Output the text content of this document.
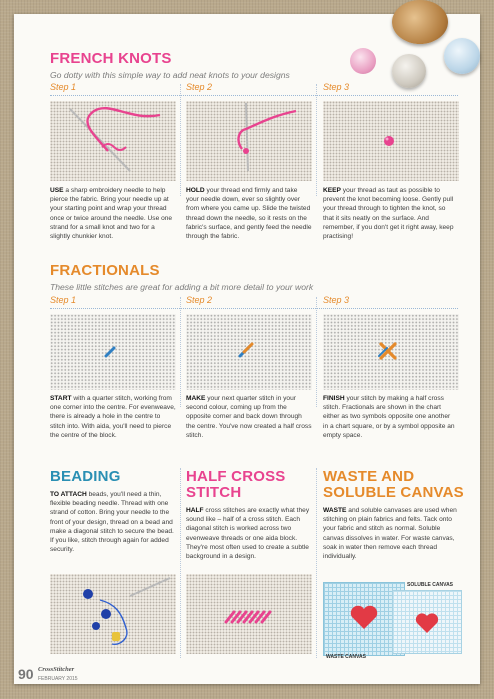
FRENCH KNOTS
Go dotty with this simple way to add neat knots to your designs
Step 1	Step 2	Step 3
USE a sharp embroidery needle to help pierce the fabric. Bring your needle up at your starting point and wrap your thread once or twice around the needle. Use one strand for a small knot and two for a slightly chunkier knot.
HOLD your thread end firmly and take your needle down, ever so slightly over from where you came up. Slide the twisted thread down the needle, so it rests on the fabric's surface, and gently feed the needle through the fabric.
KEEP your thread as taut as possible to prevent the knot becoming loose. Gently pull your thread through to tighten the knot, so that it sits neatly on the surface. And remember, if you don't get it right away, keep practising!
FRACTIONALS
These little stitches are great for adding a bit more detail to your work
Step 1	Step 2	Step 3
START with a quarter stitch, working from one corner into the centre. For evenweave, there is already a hole in the centre to stitch into. With aida, you'll need to pierce the centre of the block.
MAKE your next quarter stitch in your second colour, coming up from the opposite corner and back down through the centre. You've now created a half cross stitch.
FINISH your stitch by making a half cross stitch. Fractionals are shown in the chart either as two symbols opposite one another in a chart square, or by a symbol opposite an empty space.
BEADING
TO ATTACH beads, you'll need a thin, flexible beading needle. Thread with one strand of cotton. Bring your needle to the front of your design, thread on a bead and make a diagonal stitch to secure the bead. If you like, stitch through again for added security.
HALF CROSS
STITCH
HALF cross stitches are exactly what they sound like – half of a cross stitch. Each diagonal stitch is worked across two evenweave threads or one aida block. They're most often used to create a subtle background in a design.
WASTE AND
SOLUBLE CANVAS
WASTE and soluble canvases are used when stitching on plain fabrics and felts. Tack onto your fabric and stitch as normal. Soluble canvas dissolves in water. For waste canvas, soak in water then remove each thread individually.
SOLUBLE CANVAS
WASTE CANVAS
90 CrossStitcher
FEBRUARY 2015
